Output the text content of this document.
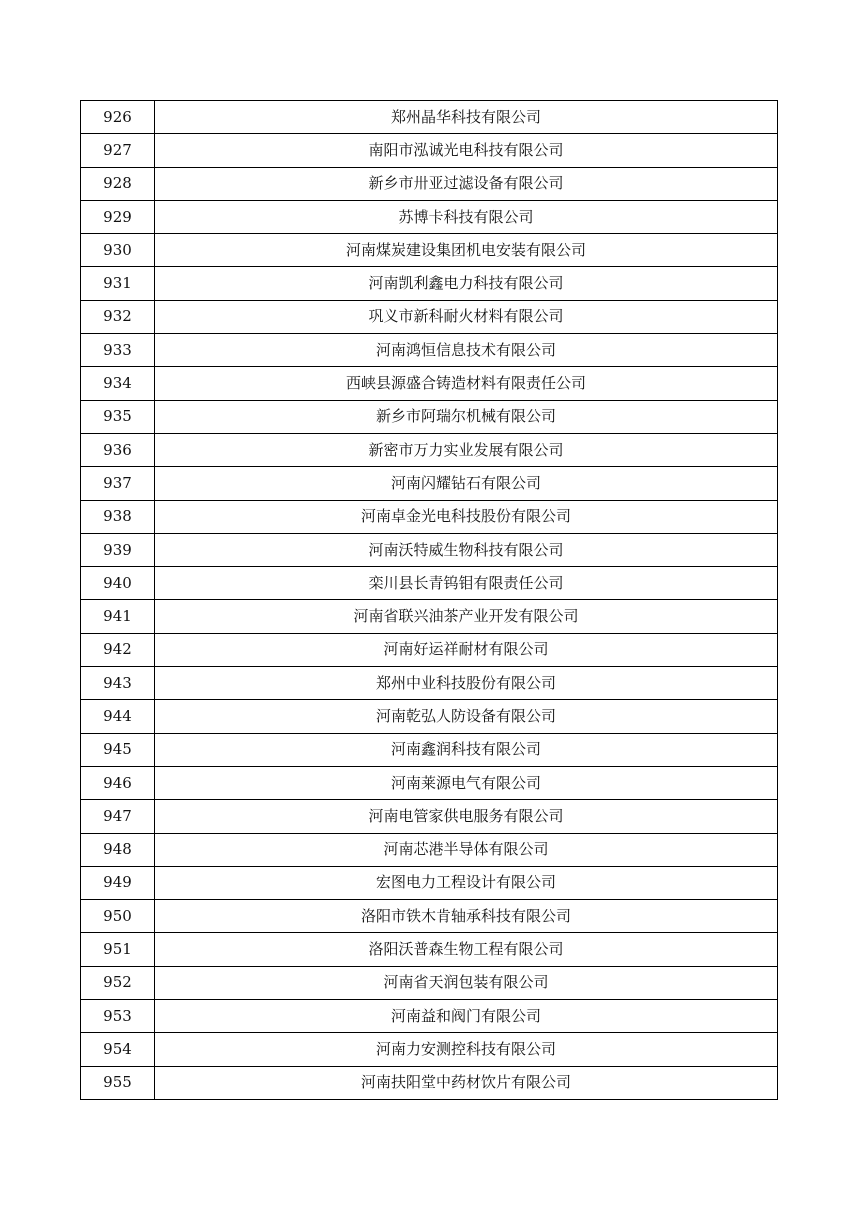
926	郑州晶华科技有限公司
927	南阳市泓诚光电科技有限公司
928	新乡市卅亚过滤设备有限公司
929	苏博卡科技有限公司
930	河南煤炭建设集团机电安装有限公司
931	河南凯利鑫电力科技有限公司
932	巩义市新科耐火材料有限公司
933	河南鸿恒信息技术有限公司
934	西峡县源盛合铸造材料有限责任公司
935	新乡市阿瑞尔机械有限公司
936	新密市万力实业发展有限公司
937	河南闪耀钻石有限公司
938	河南卓金光电科技股份有限公司
939	河南沃特威生物科技有限公司
940	栾川县长青钨钼有限责任公司
941	河南省联兴油茶产业开发有限公司
942	河南好运祥耐材有限公司
943	郑州中业科技股份有限公司
944	河南乾弘人防设备有限公司
945	河南鑫润科技有限公司
946	河南莱源电气有限公司
947	河南电管家供电服务有限公司
948	河南芯港半导体有限公司
949	宏图电力工程设计有限公司
950	洛阳市铁木肯轴承科技有限公司
951	洛阳沃普森生物工程有限公司
952	河南省天润包装有限公司
953	河南益和阀门有限公司
954	河南力安测控科技有限公司
955	河南扶阳堂中药材饮片有限公司
